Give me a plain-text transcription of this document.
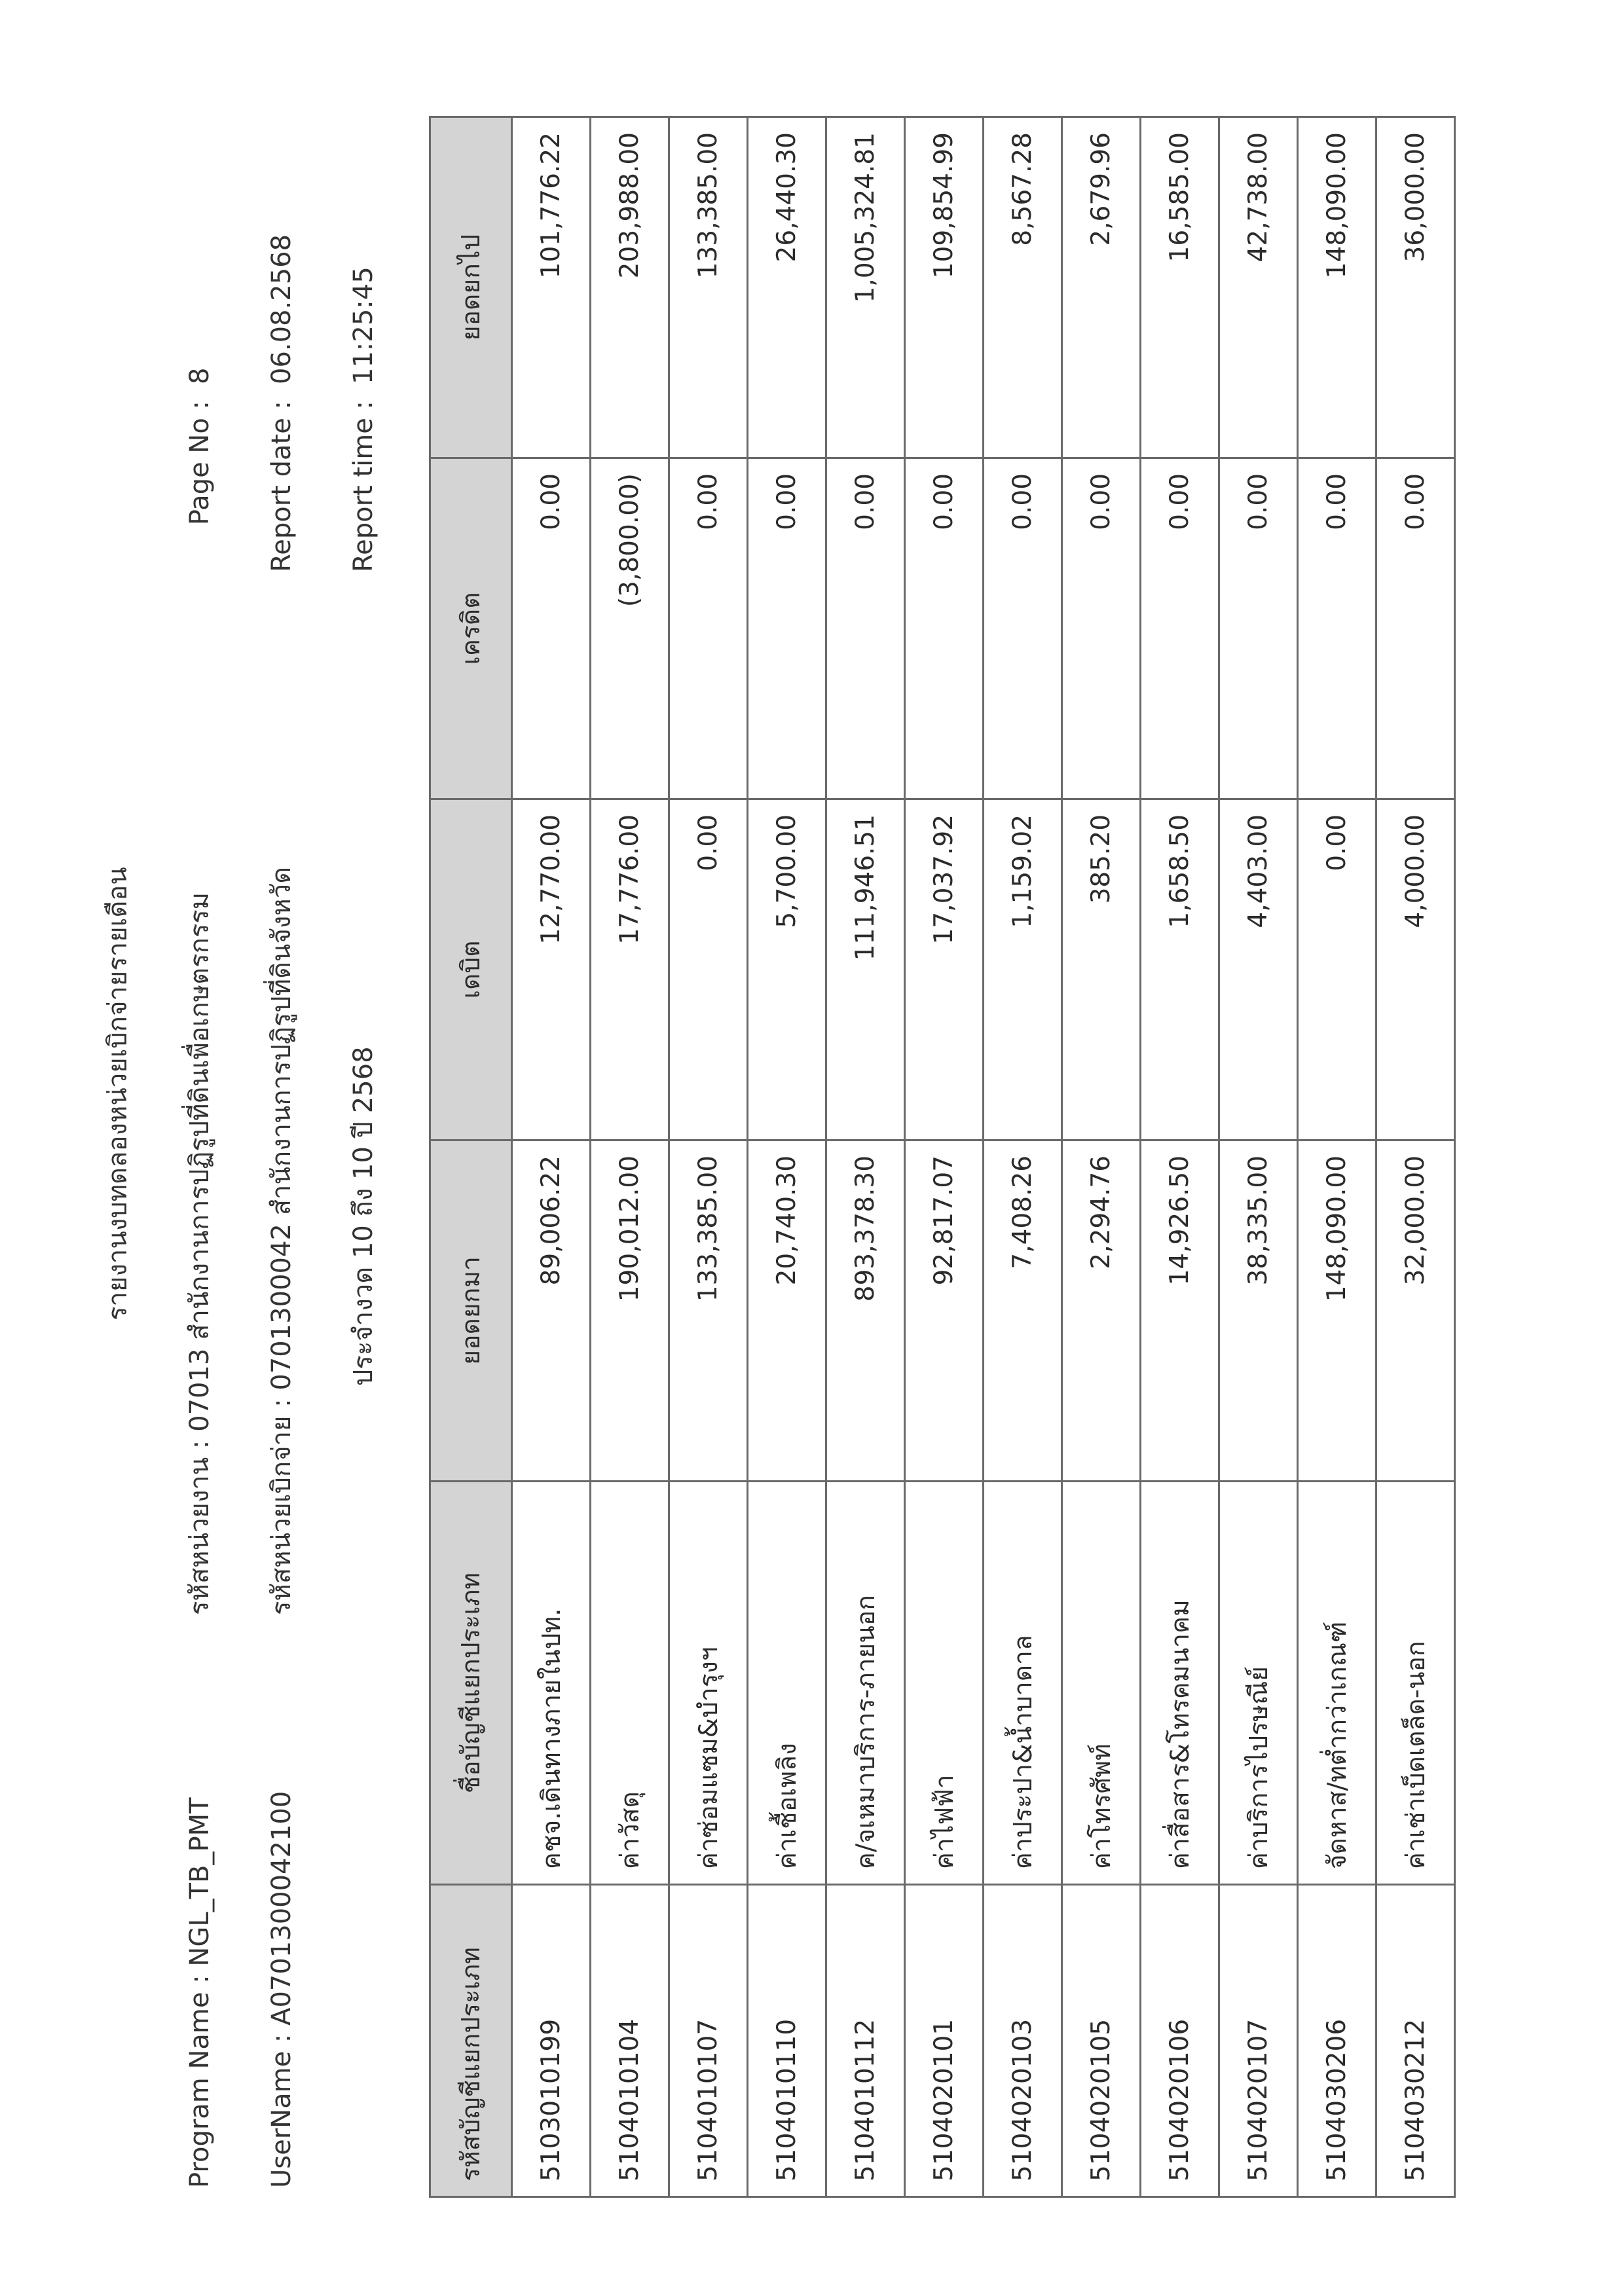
รายงานงบทดลองหน่วยเบิกจ่ายรายเดือน
Program Name : NGL_TB_PMT UserName : A0701300042100
รหัสหน่วยงาน : 07013 สำนักงานการปฏิรูปที่ดินเพื่อเกษตรกรรม รหัสหน่วยเบิกจ่าย : 0701300042 สำนักงานการปฏิรูปที่ดินจังหวัด ประจำงวด 10 ถึง 10 ปี 2568
Page No :
8
Report date :
06.08.2568
Report time :
11:25:45
รหัสบัญชีแยกประเภท	ชื่อบัญชีแยกประเภท	ยอดยกมา	เดบิต	เครดิต	ยอดยกไป
5103010199	คชจ.เดินทางภายในปท.	89,006.22	12,770.00	0.00	101,776.22
5104010104	ค่าวัสดุ	190,012.00	17,776.00	(3,800.00)	203,988.00
5104010107	ค่าซ่อมแซม&บำรุงฯ	133,385.00	0.00	0.00	133,385.00
5104010110	ค่าเชื้อเพลิง	20,740.30	5,700.00	0.00	26,440.30
5104010112	ค/จเหมาบริการ-ภายนอก	893,378.30	111,946.51	0.00	1,005,324.81
5104020101	ค่าไฟฟ้า	92,817.07	17,037.92	0.00	109,854.99
5104020103	ค่าประปา&น้ำบาดาล	7,408.26	1,159.02	0.00	8,567.28
5104020105	ค่าโทรศัพท์	2,294.76	385.20	0.00	2,679.96
5104020106	ค่าสื่อสาร&โทรคมนาคม	14,926.50	1,658.50	0.00	16,585.00
5104020107	ค่าบริการไปรษณีย์	38,335.00	4,403.00	0.00	42,738.00
5104030206	จัดหาส/ทต่ำกว่าเกณฑ์	148,090.00	0.00	0.00	148,090.00
5104030212	ค่าเช่าเบ็ดเตล็ด-นอก	32,000.00	4,000.00	0.00	36,000.00
